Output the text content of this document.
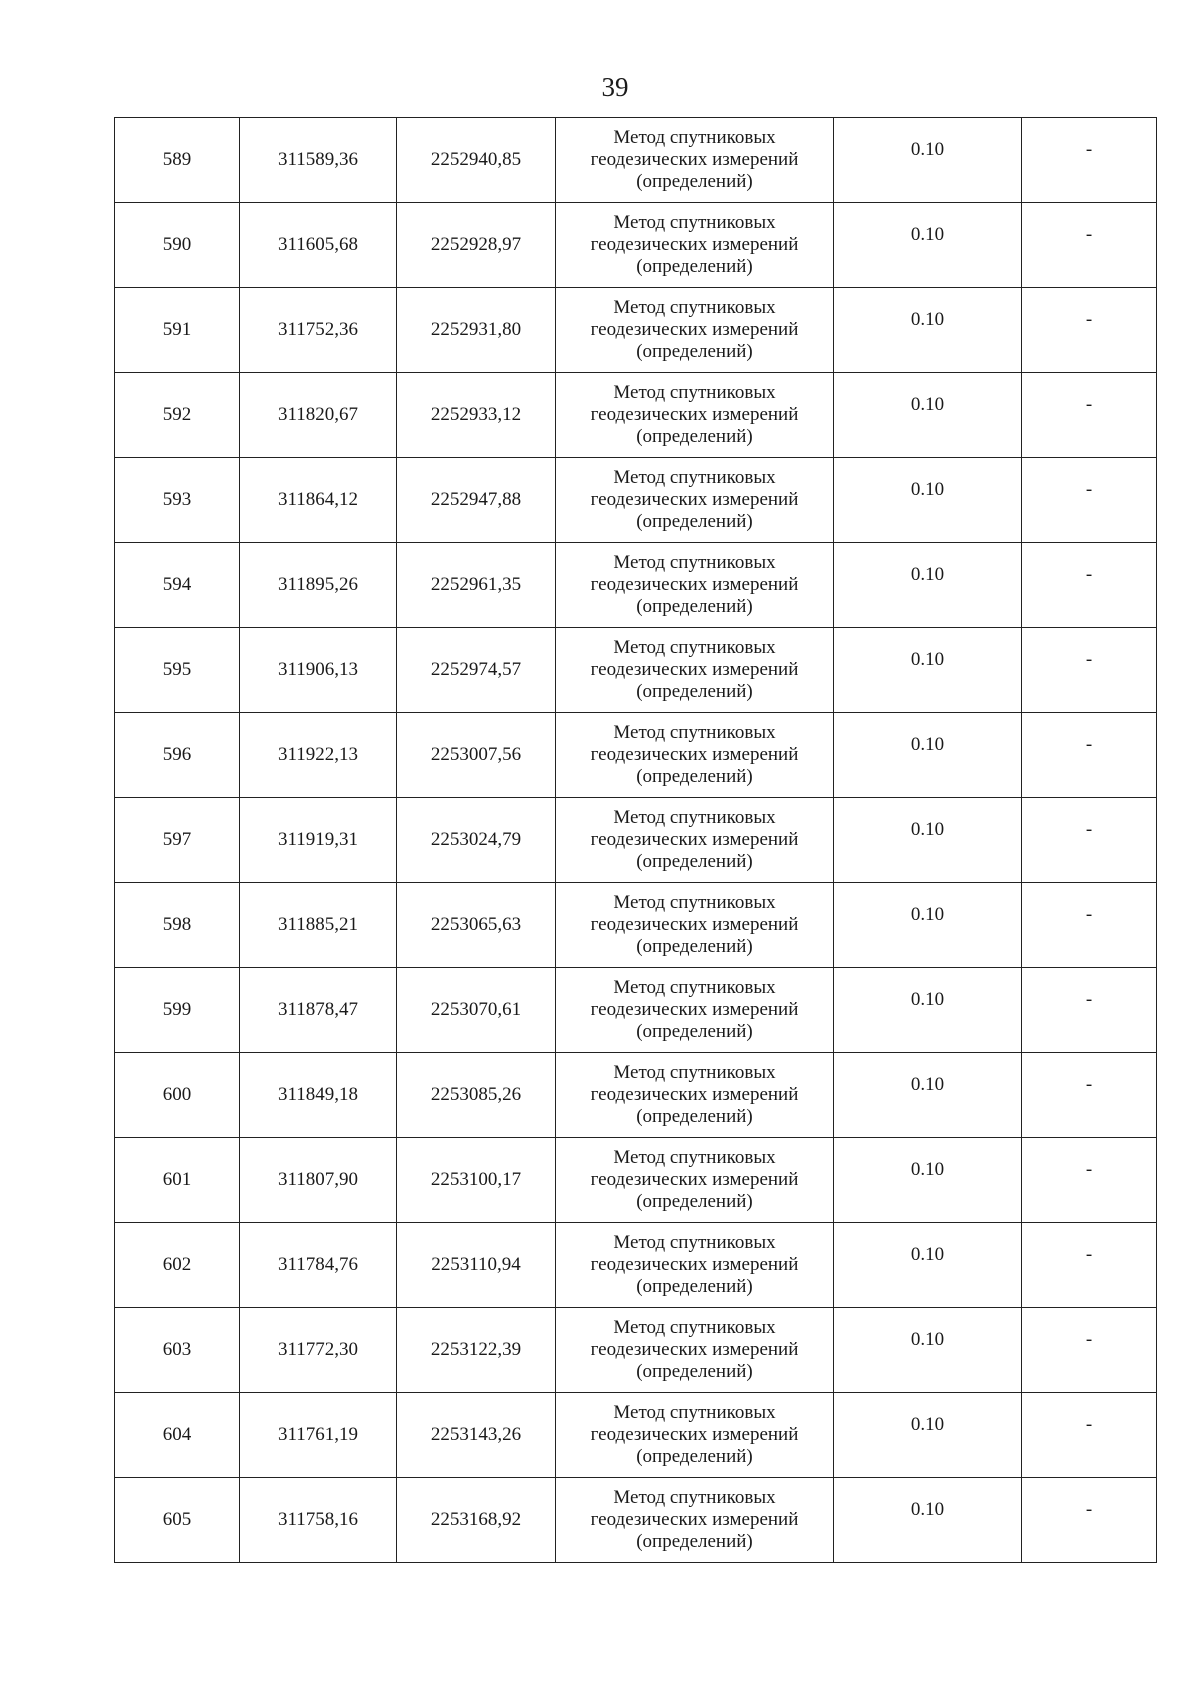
39
589	311589,36	2252940,85	Метод спутниковых
геодезических измерений
(определений)	0.10	-
590	311605,68	2252928,97	Метод спутниковых
геодезических измерений
(определений)	0.10	-
591	311752,36	2252931,80	Метод спутниковых
геодезических измерений
(определений)	0.10	-
592	311820,67	2252933,12	Метод спутниковых
геодезических измерений
(определений)	0.10	-
593	311864,12	2252947,88	Метод спутниковых
геодезических измерений
(определений)	0.10	-
594	311895,26	2252961,35	Метод спутниковых
геодезических измерений
(определений)	0.10	-
595	311906,13	2252974,57	Метод спутниковых
геодезических измерений
(определений)	0.10	-
596	311922,13	2253007,56	Метод спутниковых
геодезических измерений
(определений)	0.10	-
597	311919,31	2253024,79	Метод спутниковых
геодезических измерений
(определений)	0.10	-
598	311885,21	2253065,63	Метод спутниковых
геодезических измерений
(определений)	0.10	-
599	311878,47	2253070,61	Метод спутниковых
геодезических измерений
(определений)	0.10	-
600	311849,18	2253085,26	Метод спутниковых
геодезических измерений
(определений)	0.10	-
601	311807,90	2253100,17	Метод спутниковых
геодезических измерений
(определений)	0.10	-
602	311784,76	2253110,94	Метод спутниковых
геодезических измерений
(определений)	0.10	-
603	311772,30	2253122,39	Метод спутниковых
геодезических измерений
(определений)	0.10	-
604	311761,19	2253143,26	Метод спутниковых
геодезических измерений
(определений)	0.10	-
605	311758,16	2253168,92	Метод спутниковых
геодезических измерений
(определений)	0.10	-
